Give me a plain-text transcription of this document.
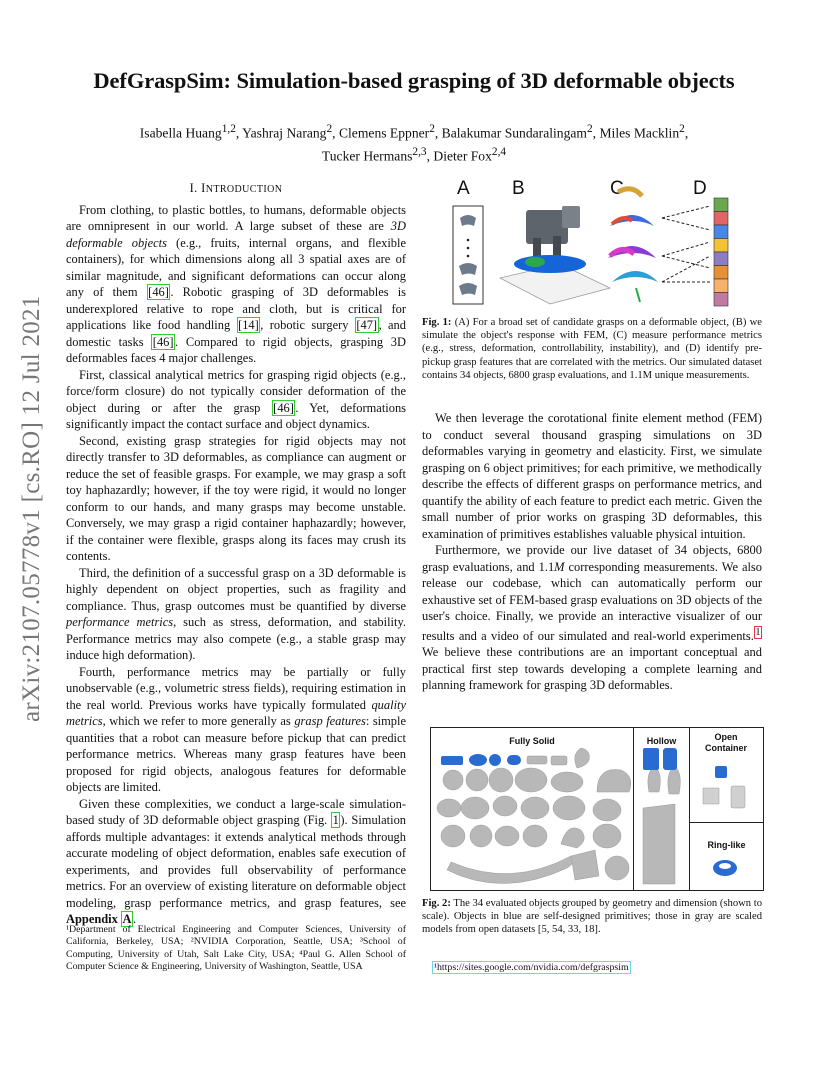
DefGraspSim: Simulation-based grasping of 3D deformable objects
Isabella Huang$^{1,2}$, Yashraj Narang$^2$, Clemens Eppner$^2$, Balakumar Sundaralingam$^2$, Miles Macklin$^2$,
Tucker Hermans$^{2,3}$, Dieter Fox$^{2,4}$
arXiv:2107.05778v1 [cs.RO] 12 Jul 2021
I. INTRODUCTION

From clothing, to plastic bottles, to humans, deformable objects are omnipresent in our world. A large subset of these are 3D deformable objects (e.g., fruits, internal organs, and flexible containers), for which dimensions along all 3 spatial axes are of similar magnitude, and significant deformations can occur along any of them [46] . Robotic grasping of 3D deformables is underexplored relative to rope and cloth, but is critical for applications like food handling [14] , robotic surgery [47] , and domestic tasks [46] . Compared to rigid objects, grasping 3D deformables faces 4 major challenges.

First, classical analytical metrics for grasping rigid objects (e.g., force/form closure) do not typically consider deformation of the object during or after the grasp [46] . Yet, deformations significantly impact the contact surface and object dynamics.

Second, existing grasp strategies for rigid objects may not directly transfer to 3D deformables, as compliance can augment or reduce the set of feasible grasps. For example, we may grasp a soft toy haphazardly; however, if the toy were rigid, it would no longer conform to our hands, and many grasps may become unstable. Conversely, we may grasp a rigid container haphazardly; however, if the container were flexible, grasps along its faces may crush its contents.

Third, the definition of a successful grasp on a 3D deformable is highly dependent on object properties, such as fragility and compliance. Thus, grasp outcomes must be quantified by diverse performance metrics, such as stress, deformation, and stability. Performance metrics may also compete (e.g., a stable grasp may induce high deformation).

Fourth, performance metrics may be partially or fully unobservable (e.g., volumetric stress fields), requiring estimation in the real world. Previous works have typically formulated quality metrics, which we refer to more generally as grasp features: simple quantities that a robot can measure before pickup that can predict performance metrics. Whereas many grasp features have been proposed for rigid objects, analogous features for deformable objects are limited.

Given these complexities, we conduct a large-scale simulation-based study of 3D deformable object grasping (Fig. 1 ). Simulation affords multiple advantages: it extends analytical methods through accurate modeling of object deformation, enables safe execution of experiments, and provides full observability of performance metrics. For an overview of existing literature on deformable object modeling, grasp performance metrics, and grasp features, see Appendix A .

¹Department of Electrical Engineering and Computer Sciences, University of California, Berkeley, USA; ²NVIDIA Corporation, Seattle, USA; ³School of Computing, University of Utah, Salt Lake City, USA; ⁴Paul G. Allen School of Computer Science & Engineering, University of Washington, Seattle, USA
A B	C	D
Fig. 1: (A) For a broad set of candidate grasps on a deformable object, (B) we simulate the object's response with FEM, (C) measure performance metrics (e.g., stress, deformation, controllability, instability), and (D) identify pre-pickup grasp features that are correlated with the metrics. Our simulated dataset contains 34 objects, 6800 grasp evaluations, and 1.1M unique measurements.

We then leverage the corotational finite element method (FEM) to conduct several thousand grasping simulations on 3D deformables varying in geometry and elasticity. First, we simulate grasping on 6 object primitives; for each primitive, we methodically describe the effects of different grasps on performance metrics, and quantify the ability of each feature to predict each metric. Given the small number of prior works on grasping 3D deformables, this examination of primitives establishes valuable physical intuition.

Furthermore, we provide our live dataset of 34 objects, 6800 grasp evaluations, and 1.1M corresponding measurements. We also release our codebase, which can automatically perform our exhaustive set of FEM-based grasp evaluations on 3D objects of the user's choice. Finally, we provide an interactive visualizer of our results and a video of our simulated and real-world experiments. $^1$ We believe these contributions are an important conceptual and practical first step towards developing a complete learning and planning framework for grasping 3D deformables.

Fully Solid	Hollow	Open Container
Ring-like
Fig. 2: The 34 evaluated objects grouped by geometry and dimension (shown to scale). Objects in blue are self-designed primitives; those in gray are scaled models from open datasets [5, 54, 33, 18].
¹https://sites.google.com/nvidia.com/defgraspsim
